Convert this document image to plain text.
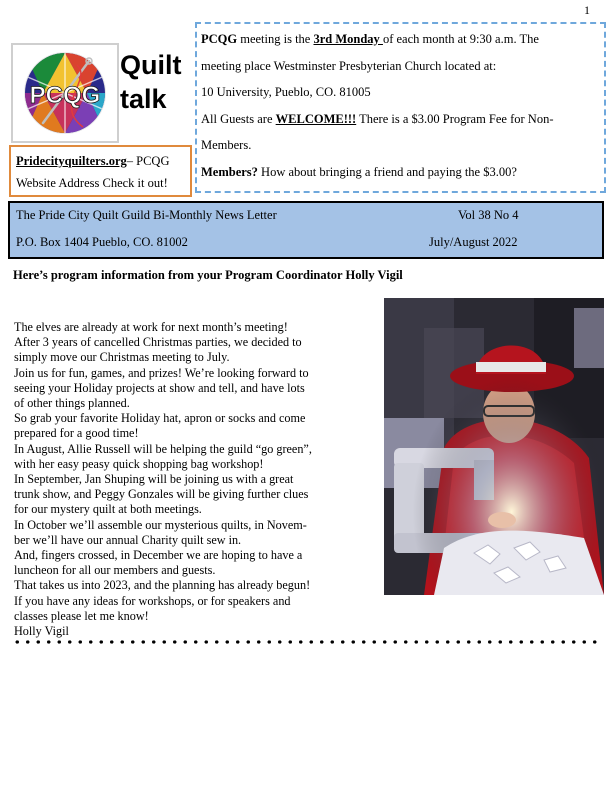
1
PCQG
Quilt
talk
Pridecityquilters.org– PCQG
Website Address Check it out!
PCQG meeting is the 3rd Monday of each month at 9:30 a.m. The
meeting place Westminster Presbyterian Church located at:
10 University, Pueblo, CO. 81005
All Guests are WELCOME!!! There is a $3.00 Program Fee for Non-
Members.
Members? How about bringing a friend and paying the $3.00?
The Pride City Quilt Guild Bi-Monthly News Letter	Vol 38 No 4
P.O. Box 1404 Pueblo, CO. 81002	July/August 2022
Here’s program information from your Program Coordinator Holly Vigil

The elves are already at work for next month’s meeting!

After 3 years of cancelled Christmas parties, we decided to

simply move our Christmas meeting to July.

Join us for fun, games, and prizes! We’re looking forward to

seeing your Holiday projects at show and tell, and have lots

of other things planned.

So grab your favorite Holiday hat, apron or socks and come

prepared for a good time!

In August, Allie Russell will be helping the guild “go green”,

with her easy peasy quick shopping bag workshop!

In September, Jan Shuping will be joining us with a great

trunk show, and Peggy Gonzales will be giving further clues

for our mystery quilt at both meetings.

In October we’ll assemble our mysterious quilts, in Novem-

ber we’ll have our annual Charity quilt sew in.

And, fingers crossed, in December we are hoping to have a

luncheon for all our members and guests.

That takes us into 2023, and the planning has already begun!

If you have any ideas for workshops, or for speakers and

classes please let me know!

Holly Vigil
